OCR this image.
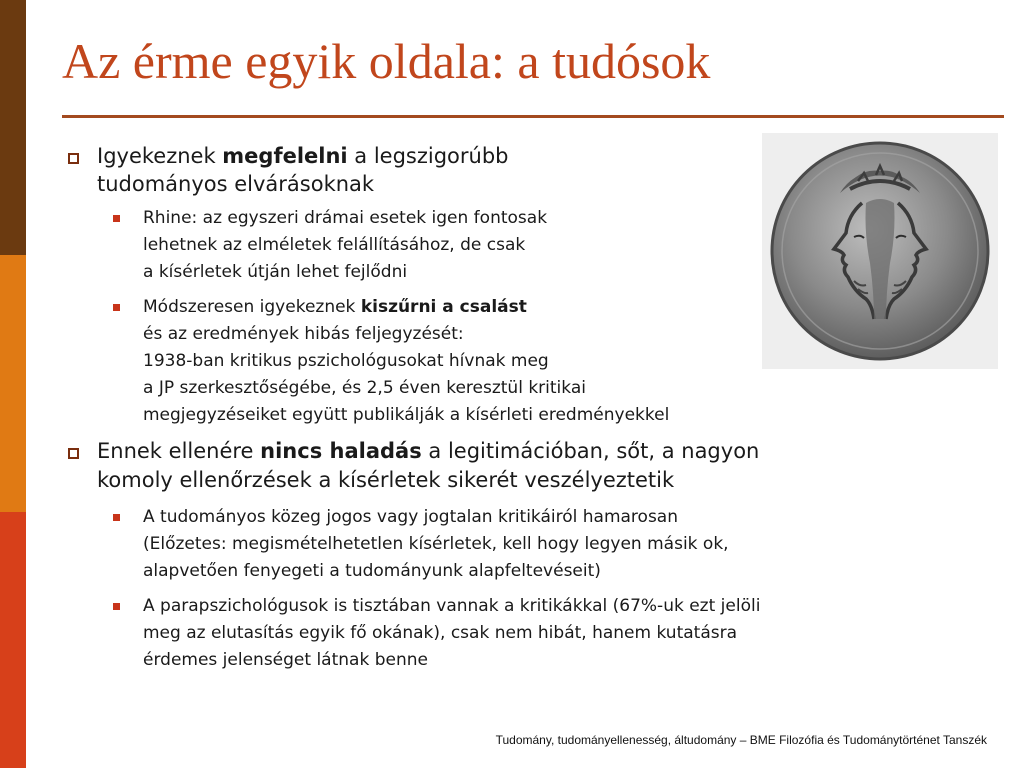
Az érme egyik oldala: a tudósok
Igyekeznek megfelelni a legszigorúbb
tudományos elvárásoknak
Rhine: az egyszeri drámai esetek igen fontosak
lehetnek az elméletek felállításához, de csak
a kísérletek útján lehet fejlődni
Módszeresen igyekeznek kiszűrni a csalást
és az eredmények hibás feljegyzését:
1938-ban kritikus pszichológusokat hívnak meg
a JP szerkesztőségébe, és 2,5 éven keresztül kritikai
megjegyzéseiket együtt publikálják a kísérleti eredményekkel
Ennek ellenére nincs haladás a legitimációban, sőt, a nagyon
komoly ellenőrzések a kísérletek sikerét veszélyeztetik
A tudományos közeg jogos vagy jogtalan kritikáiról hamarosan
(Előzetes: megismételhetetlen kísérletek, kell hogy legyen másik ok,
alapvetően fenyegeti a tudományunk alapfeltevéseit)
A parapszichológusok is tisztában vannak a kritikákkal (67%-uk ezt jelöli
meg az elutasítás egyik fő okának), csak nem hibát, hanem kutatásra
érdemes jelenséget látnak benne
Tudomány, tudományellenesség, áltudomány – BME Filozófia és Tudománytörténet Tanszék
